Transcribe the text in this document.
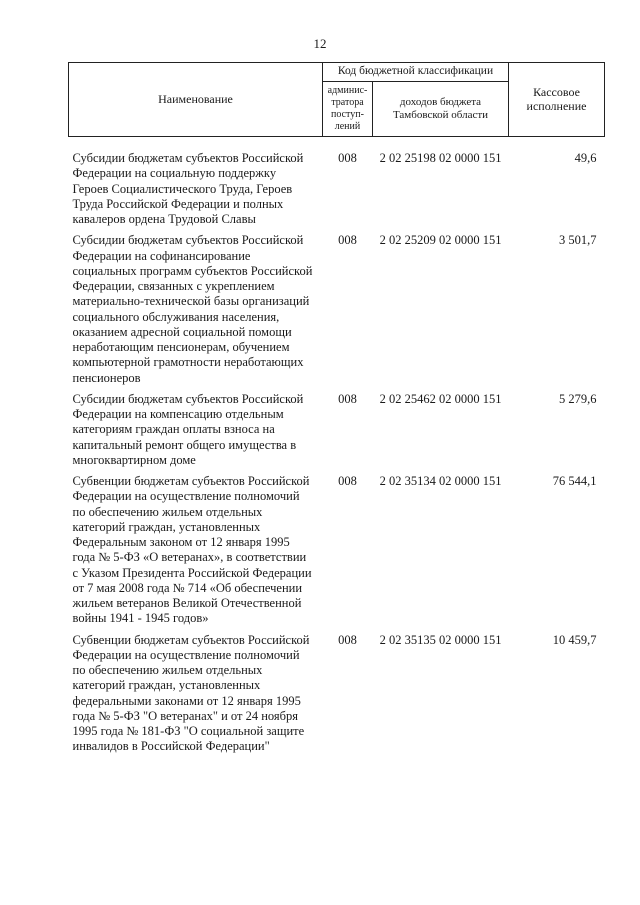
12
Наименование	Код бюджетной классификации		Кассовое исполнение
	админис-тратора поступ-лений	доходов бюджета Тамбовской области	
Субсидии бюджетам субъектов Российской Федерации на социальную поддержку Героев Социалистического Труда, Героев Труда Российской Федерации и полных кавалеров ордена Трудовой Славы	008	2 02 25198 02 0000 151	49,6
Субсидии бюджетам субъектов Российской Федерации на софинансирование социальных программ субъектов Российской Федерации, связанных с укреплением материально-технической базы организаций социального обслуживания населения, оказанием адресной социальной помощи неработающим пенсионерам, обучением компьютерной грамотности неработающих пенсионеров	008	2 02 25209 02 0000 151	3 501,7
Субсидии бюджетам субъектов Российской Федерации на компенсацию отдельным категориям граждан оплаты взноса на капитальный ремонт общего имущества в многоквартирном доме	008	2 02 25462 02 0000 151	5 279,6
Субвенции бюджетам субъектов Российской Федерации на осуществление полномочий по обеспечению жильем отдельных категорий граждан, установленных Федеральным законом от 12 января 1995 года № 5-ФЗ «О ветеранах», в соответствии с Указом Президента Российской Федерации от 7 мая 2008 года № 714 «Об обеспечении жильем ветеранов Великой Отечественной войны 1941 - 1945 годов»	008	2 02 35134 02 0000 151	76 544,1
Субвенции бюджетам субъектов Российской Федерации на осуществление полномочий по обеспечению жильем отдельных категорий граждан, установленных федеральными законами от 12 января 1995 года № 5-ФЗ "О ветеранах" и от 24 ноября 1995 года № 181-ФЗ "О социальной защите инвалидов в Российской Федерации"	008	2 02 35135 02 0000 151	10 459,7
